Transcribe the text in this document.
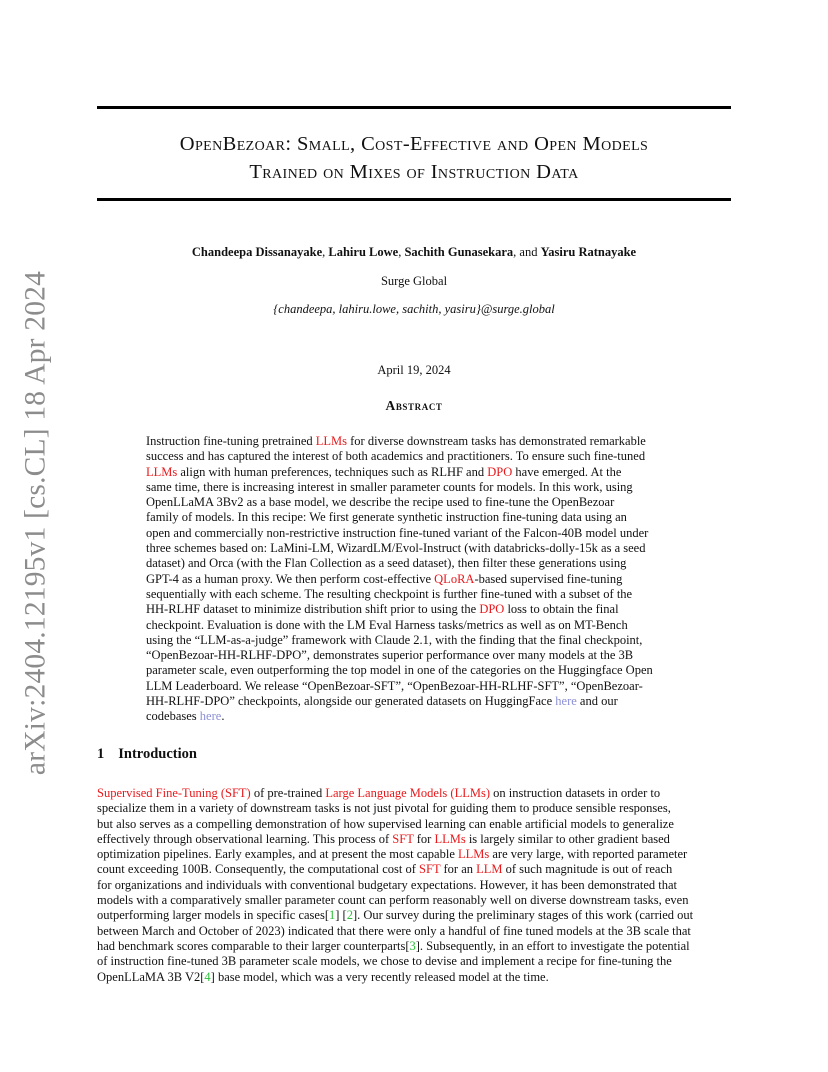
arXiv:2404.12195v1 [cs.CL] 18 Apr 2024
OpenBezoar: Small, Cost-Effective and Open Models
Trained on Mixes of Instruction Data
Chandeepa Dissanayake, Lahiru Lowe, Sachith Gunasekara, and Yasiru Ratnayake
Surge Global
{chandeepa, lahiru.lowe, sachith, yasiru}@surge.global
April 19, 2024
Abstract
Instruction fine-tuning pretrained LLMs for diverse downstream tasks has demonstrated remarkable
success and has captured the interest of both academics and practitioners. To ensure such fine-tuned
LLMs align with human preferences, techniques such as RLHF and DPO have emerged. At the
same time, there is increasing interest in smaller parameter counts for models. In this work, using
OpenLLaMA 3Bv2 as a base model, we describe the recipe used to fine-tune the OpenBezoar
family of models. In this recipe: We first generate synthetic instruction fine-tuning data using an
open and commercially non-restrictive instruction fine-tuned variant of the Falcon-40B model under
three schemes based on: LaMini-LM, WizardLM/Evol-Instruct (with databricks-dolly-15k as a seed
dataset) and Orca (with the Flan Collection as a seed dataset), then filter these generations using
GPT-4 as a human proxy. We then perform cost-effective QLoRA-based supervised fine-tuning
sequentially with each scheme. The resulting checkpoint is further fine-tuned with a subset of the
HH-RLHF dataset to minimize distribution shift prior to using the DPO loss to obtain the final
checkpoint. Evaluation is done with the LM Eval Harness tasks/metrics as well as on MT-Bench
using the “LLM-as-a-judge” framework with Claude 2.1, with the finding that the final checkpoint,
“OpenBezoar-HH-RLHF-DPO”, demonstrates superior performance over many models at the 3B
parameter scale, even outperforming the top model in one of the categories on the Huggingface Open
LLM Leaderboard. We release “OpenBezoar-SFT”, “OpenBezoar-HH-RLHF-SFT”, “OpenBezoar-
HH-RLHF-DPO” checkpoints, alongside our generated datasets on HuggingFace here and our
codebases here.
1 Introduction
Supervised Fine-Tuning (SFT) of pre-trained Large Language Models (LLMs) on instruction datasets in order to
specialize them in a variety of downstream tasks is not just pivotal for guiding them to produce sensible responses,
but also serves as a compelling demonstration of how supervised learning can enable artificial models to generalize
effectively through observational learning. This process of SFT for LLMs is largely similar to other gradient based
optimization pipelines. Early examples, and at present the most capable LLMs are very large, with reported parameter
count exceeding 100B. Consequently, the computational cost of SFT for an LLM of such magnitude is out of reach
for organizations and individuals with conventional budgetary expectations. However, it has been demonstrated that
models with a comparatively smaller parameter count can perform reasonably well on diverse downstream tasks, even
outperforming larger models in specific cases[1] [2]. Our survey during the preliminary stages of this work (carried out
between March and October of 2023) indicated that there were only a handful of fine tuned models at the 3B scale that
had benchmark scores comparable to their larger counterparts[3]. Subsequently, in an effort to investigate the potential
of instruction fine-tuned 3B parameter scale models, we chose to devise and implement a recipe for fine-tuning the
OpenLLaMA 3B V2[4] base model, which was a very recently released model at the time.
